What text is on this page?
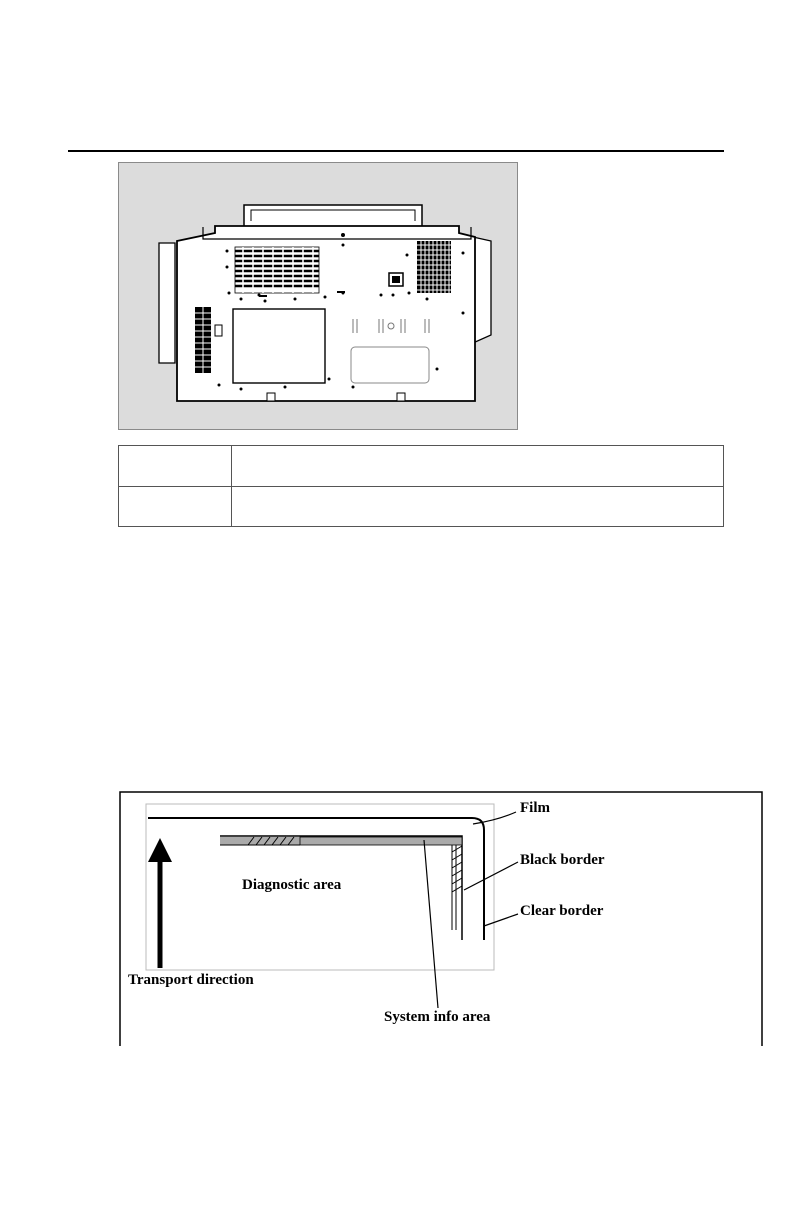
Film
Black border
Clear border
Diagnostic area
Transport direction
System info area
